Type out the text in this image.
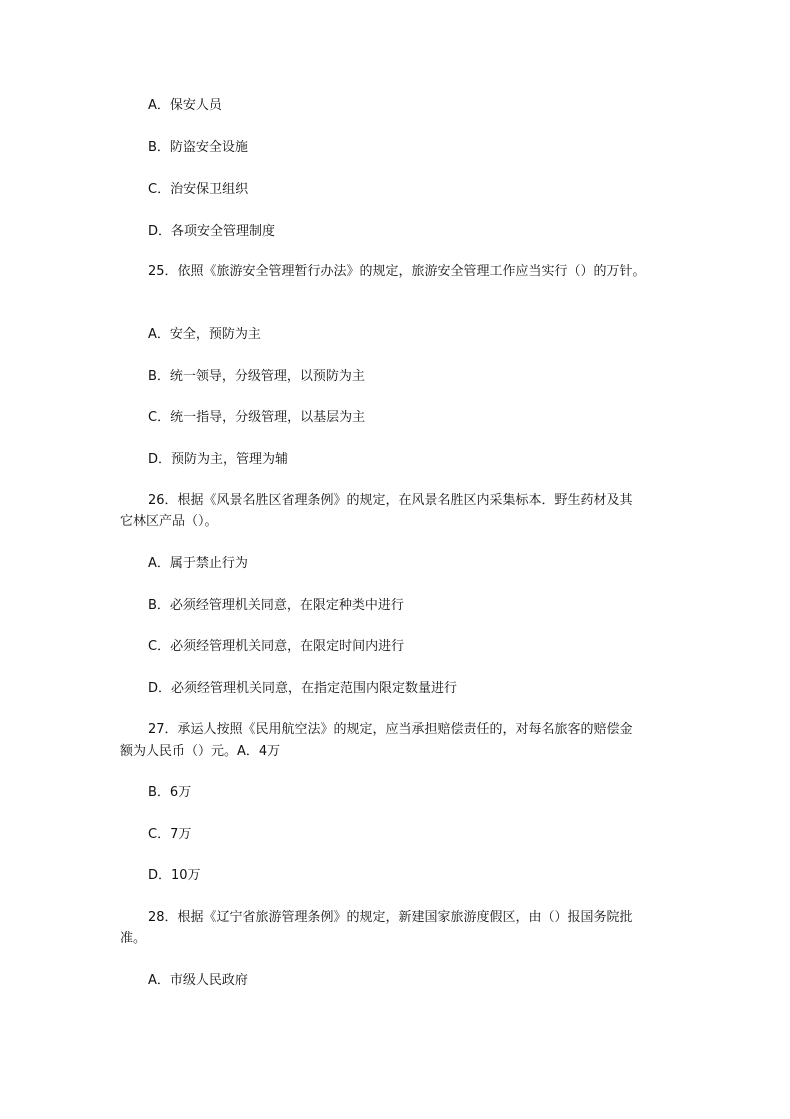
A．保安人员
B．防盗安全设施
C．治安保卫组织
D．各项安全管理制度
25．依照《旅游安全管理暂行办法》的规定，旅游安全管理工作应当实行（）的万针。
A．安全，预防为主
B．统一领导，分级管理，以预防为主
C．统一指导，分级管理，以基层为主
D．预防为主，管理为辅
26．根据《风景名胜区省理条例》的规定，在风景名胜区内采集标本．野生药材及其
它林区产品（）。
A．属于禁止行为
B．必须经管理机关同意，在限定种类中进行
C．必须经管理机关同意，在限定时间内进行
D．必须经管理机关同意，在指定范围内限定数量进行
27．承运人按照《民用航空法》的规定，应当承担赔偿责任的，对每名旅客的赔偿金
额为人民币（）元。A．4万
B．6万
C．7万
D．10万
28．根据《辽宁省旅游管理条例》的规定，新建国家旅游度假区，由（）报国务院批
准。
A．市级人民政府
